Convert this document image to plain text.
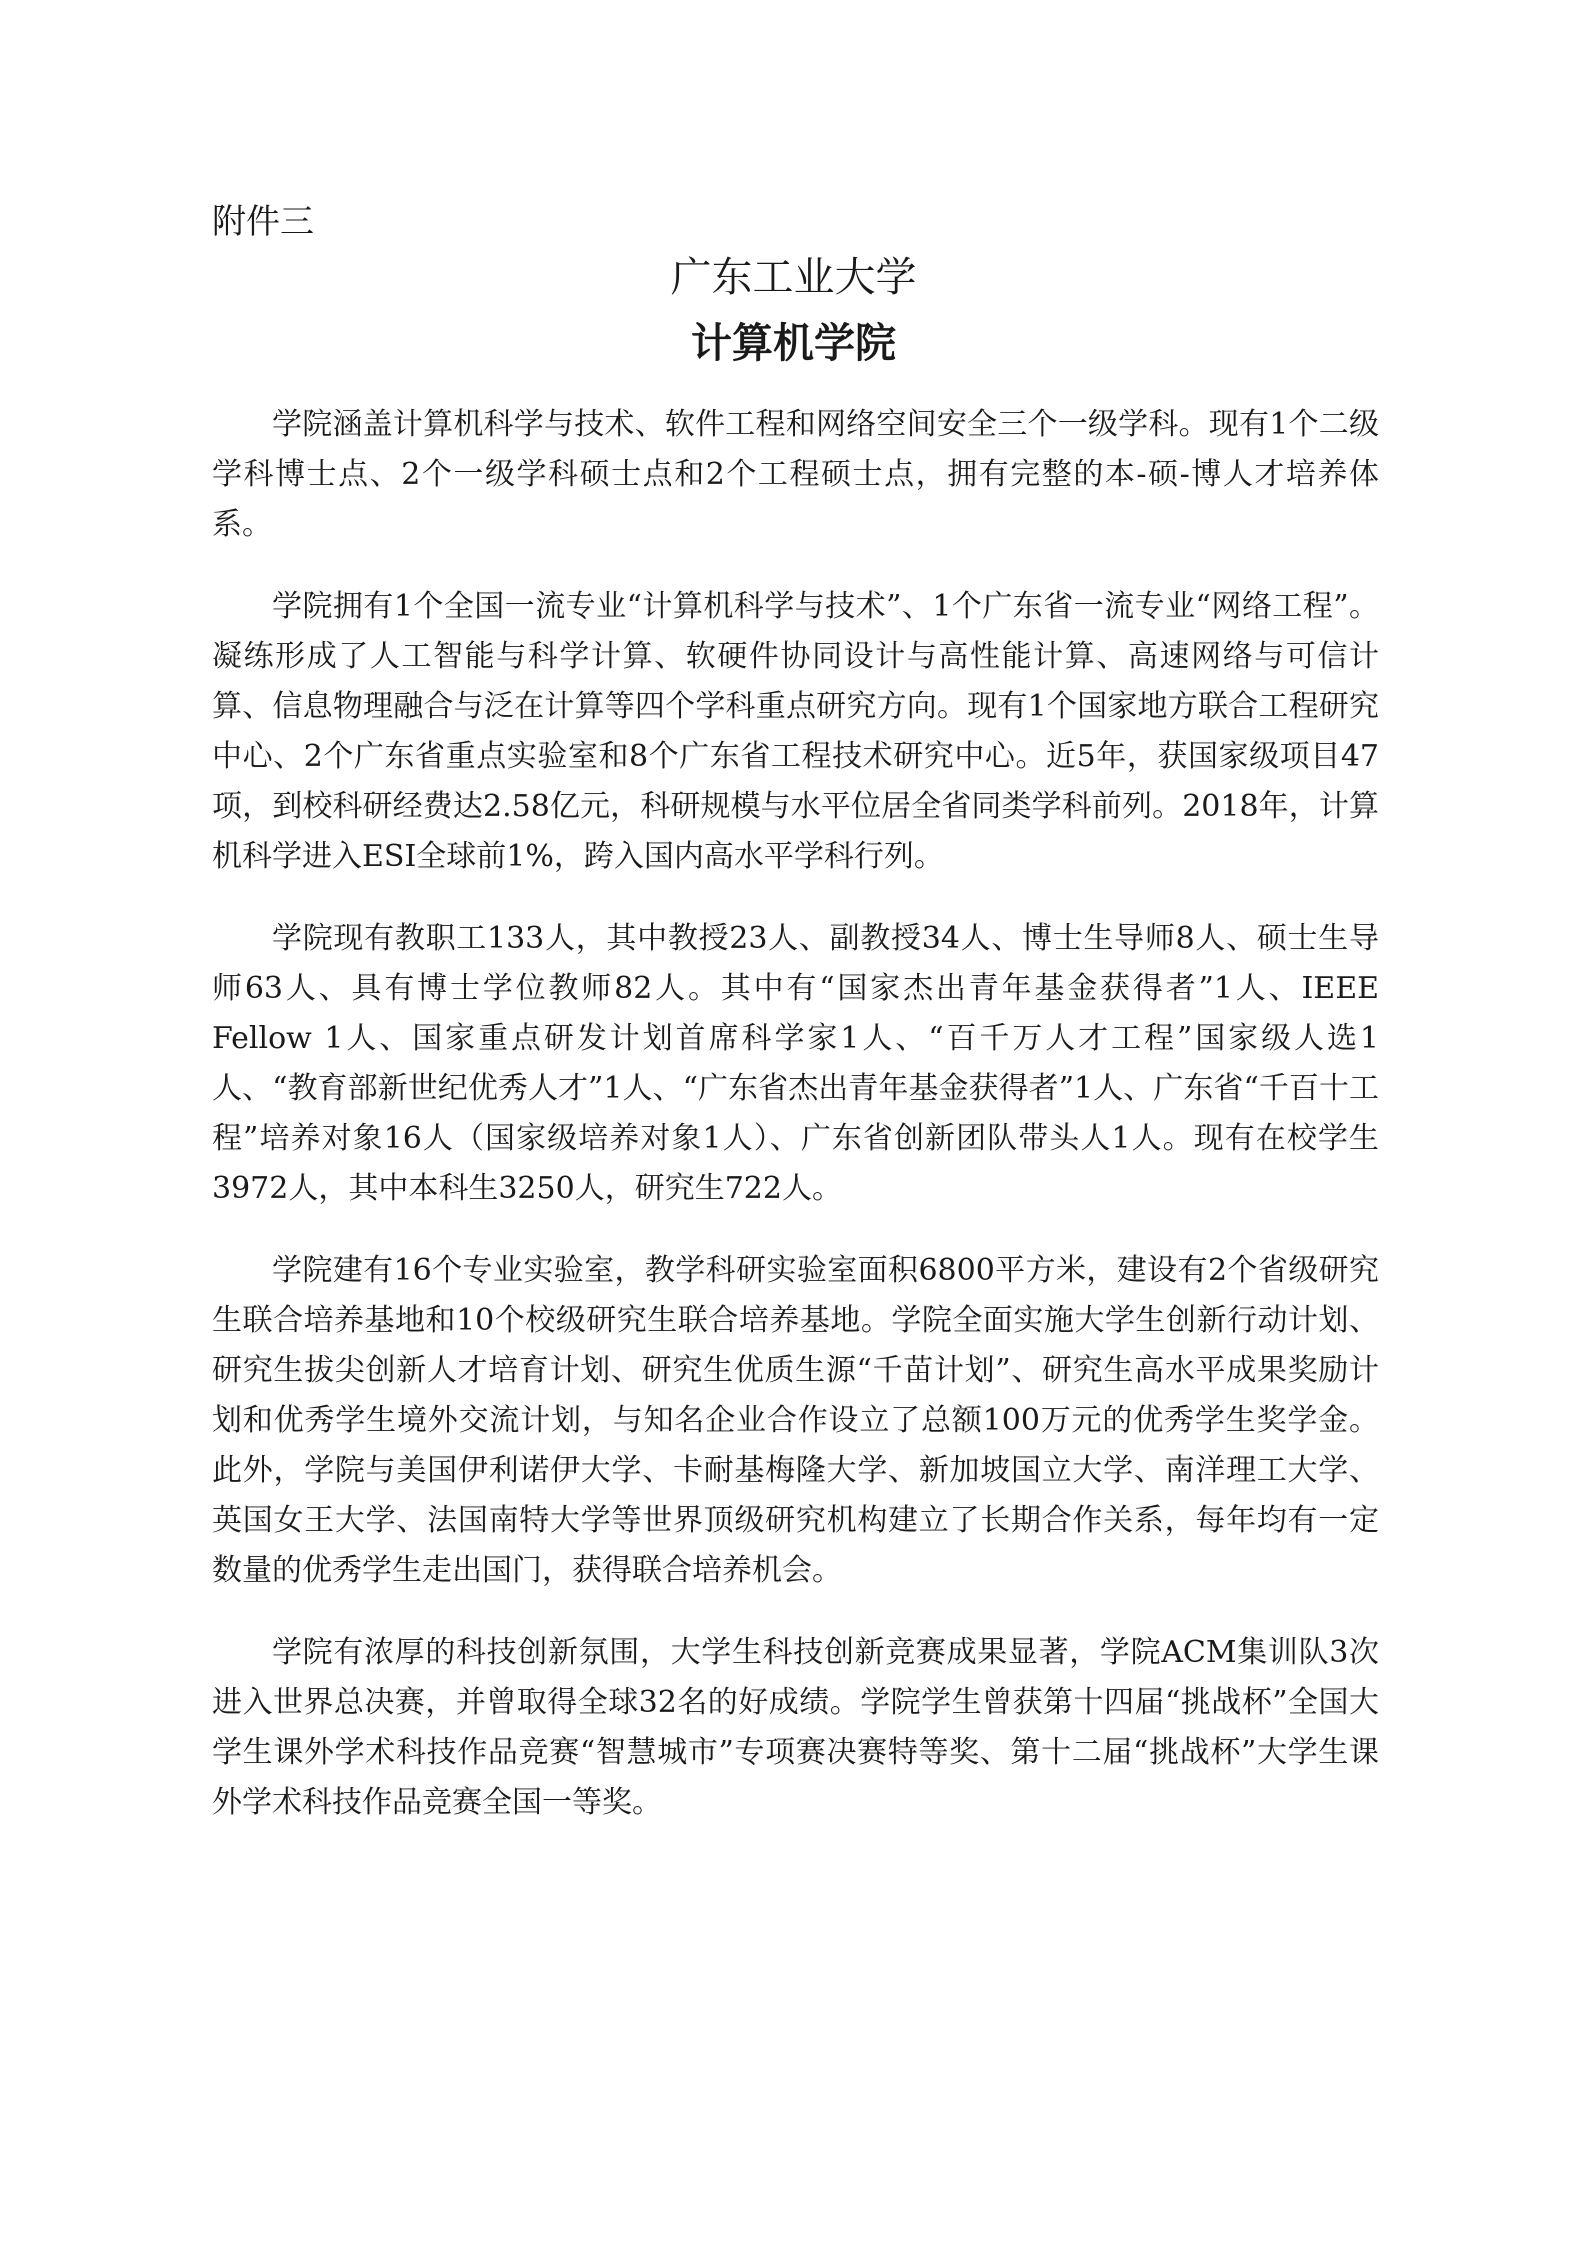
附件三

广东工业大学
计算机学院

学院涵盖计算机科学与技术、软件工程和网络空间安全三个一级学科。现有1个二级学科博士点、2个一级学科硕士点和2个工程硕士点，拥有完整的本-硕-博人才培养体系。

学院拥有1个全国一流专业“计算机科学与技术”、1个广东省一流专业“网络工程”。凝练形成了人工智能与科学计算、软硬件协同设计与高性能计算、高速网络与可信计算、信息物理融合与泛在计算等四个学科重点研究方向。现有1个国家地方联合工程研究中心、2个广东省重点实验室和8个广东省工程技术研究中心。近5年，获国家级项目47项，到校科研经费达2.58亿元，科研规模与水平位居全省同类学科前列。2018年，计算机科学进入ESI全球前1%，跨入国内高水平学科行列。

学院现有教职工133人，其中教授23人、副教授34人、博士生导师8人、硕士生导师63人、具有博士学位教师82人。其中有“国家杰出青年基金获得者”1人、IEEE Fellow 1人、国家重点研发计划首席科学家1人、“百千万人才工程”国家级人选1人、“教育部新世纪优秀人才”1人、“广东省杰出青年基金获得者”1人、广东省“千百十工程”培养对象16人（国家级培养对象1人）、广东省创新团队带头人1人。现有在校学生3972人，其中本科生3250人，研究生722人。

学院建有16个专业实验室，教学科研实验室面积6800平方米，建设有2个省级研究生联合培养基地和10个校级研究生联合培养基地。学院全面实施大学生创新行动计划、研究生拔尖创新人才培育计划、研究生优质生源“千苗计划”、研究生高水平成果奖励计划和优秀学生境外交流计划，与知名企业合作设立了总额100万元的优秀学生奖学金。此外，学院与美国伊利诺伊大学、卡耐基梅隆大学、新加坡国立大学、南洋理工大学、英国女王大学、法国南特大学等世界顶级研究机构建立了长期合作关系，每年均有一定数量的优秀学生走出国门，获得联合培养机会。

学院有浓厚的科技创新氛围，大学生科技创新竞赛成果显著，学院ACM集训队3次进入世界总决赛，并曾取得全球32名的好成绩。学院学生曾获第十四届“挑战杯”全国大学生课外学术科技作品竞赛“智慧城市”专项赛决赛特等奖、第十二届“挑战杯”大学生课外学术科技作品竞赛全国一等奖。
